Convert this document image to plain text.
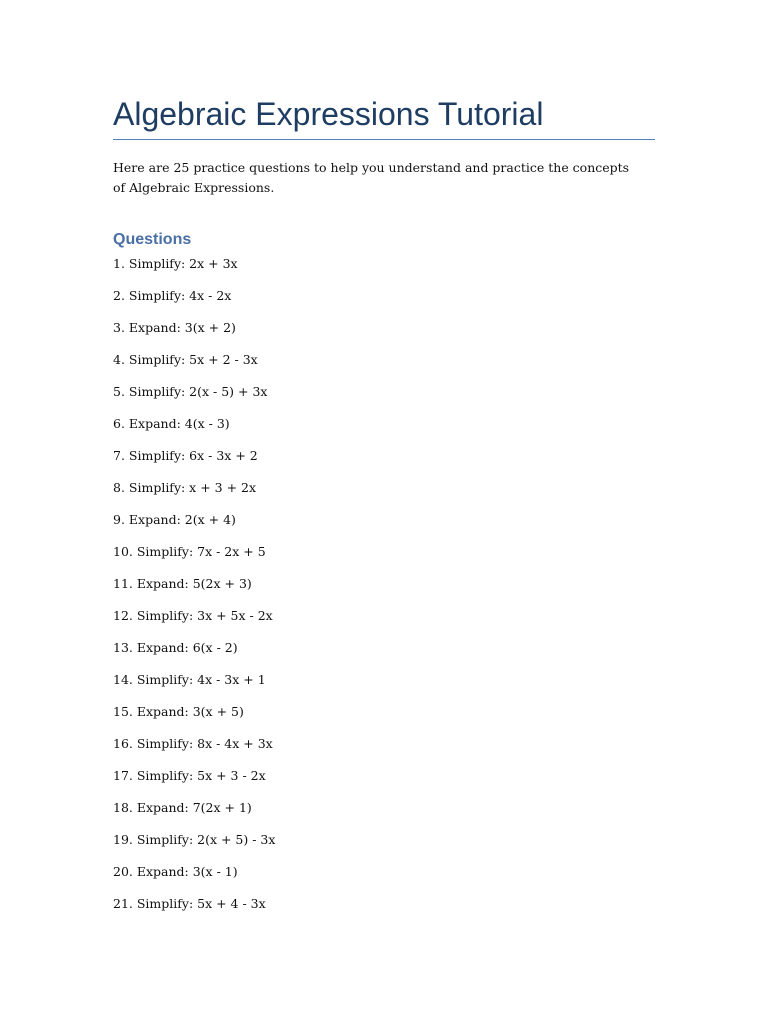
Algebraic Expressions Tutorial

Here are 25 practice questions to help you understand and practice the concepts of Algebraic Expressions.

Questions
1. Simplify: 2x + 3x
2. Simplify: 4x - 2x
3. Expand: 3(x + 2)
4. Simplify: 5x + 2 - 3x
5. Simplify: 2(x - 5) + 3x
6. Expand: 4(x - 3)
7. Simplify: 6x - 3x + 2
8. Simplify: x + 3 + 2x
9. Expand: 2(x + 4)
10. Simplify: 7x - 2x + 5
11. Expand: 5(2x + 3)
12. Simplify: 3x + 5x - 2x
13. Expand: 6(x - 2)
14. Simplify: 4x - 3x + 1
15. Expand: 3(x + 5)
16. Simplify: 8x - 4x + 3x
17. Simplify: 5x + 3 - 2x
18. Expand: 7(2x + 1)
19. Simplify: 2(x + 5) - 3x
20. Expand: 3(x - 1)
21. Simplify: 5x + 4 - 3x
